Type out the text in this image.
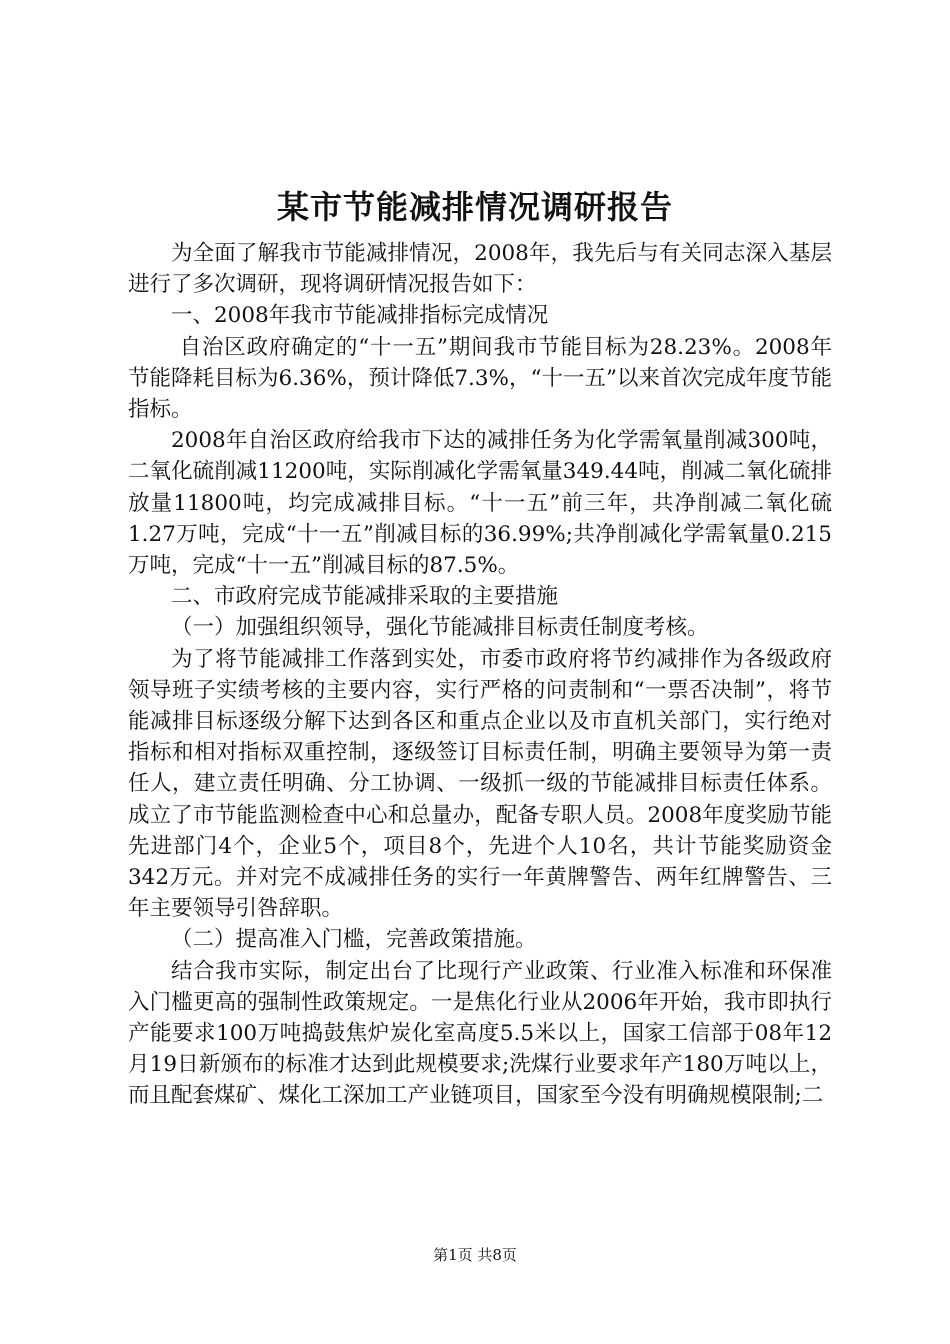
某市节能减排情况调研报告

为全面了解我市节能减排情况，2008年，我先后与有关同志深入基层进行了多次调研，现将调研情况报告如下：

一、2008年我市节能减排指标完成情况

自治区政府确定的“十一五”期间我市节能目标为28.23%。2008年节能降耗目标为6.36%，预计降低7.3%，“十一五”以来首次完成年度节能指标。

2008年自治区政府给我市下达的减排任务为化学需氧量削减300吨，二氧化硫削减11200吨，实际削减化学需氧量349.44吨，削减二氧化硫排放量11800吨，均完成减排目标。“十一五”前三年，共净削减二氧化硫1.27万吨，完成“十一五”削减目标的36.99%;共净削减化学需氧量0.215万吨，完成“十一五”削减目标的87.5%。

二、市政府完成节能减排采取的主要措施

（一）加强组织领导，强化节能减排目标责任制度考核。

为了将节能减排工作落到实处，市委市政府将节约减排作为各级政府领导班子实绩考核的主要内容，实行严格的问责制和“一票否决制”，将节能减排目标逐级分解下达到各区和重点企业以及市直机关部门，实行绝对指标和相对指标双重控制，逐级签订目标责任制，明确主要领导为第一责任人，建立责任明确、分工协调、一级抓一级的节能减排目标责任体系。成立了市节能监测检查中心和总量办，配备专职人员。2008年度奖励节能先进部门4个，企业5个，项目8个，先进个人10名，共计节能奖励资金342万元。并对完不成减排任务的实行一年黄牌警告、两年红牌警告、三年主要领导引咎辞职。

（二）提高准入门槛，完善政策措施。

结合我市实际，制定出台了比现行产业政策、行业准入标准和环保准入门槛更高的强制性政策规定。一是焦化行业从2006年开始，我市即执行产能要求100万吨捣鼓焦炉炭化室高度5.5米以上，国家工信部于08年12月19日新颁布的标准才达到此规模要求;洗煤行业要求年产180万吨以上，而且配套煤矿、煤化工深加工产业链项目，国家至今没有明确规模限制;二

第1页 共8页
